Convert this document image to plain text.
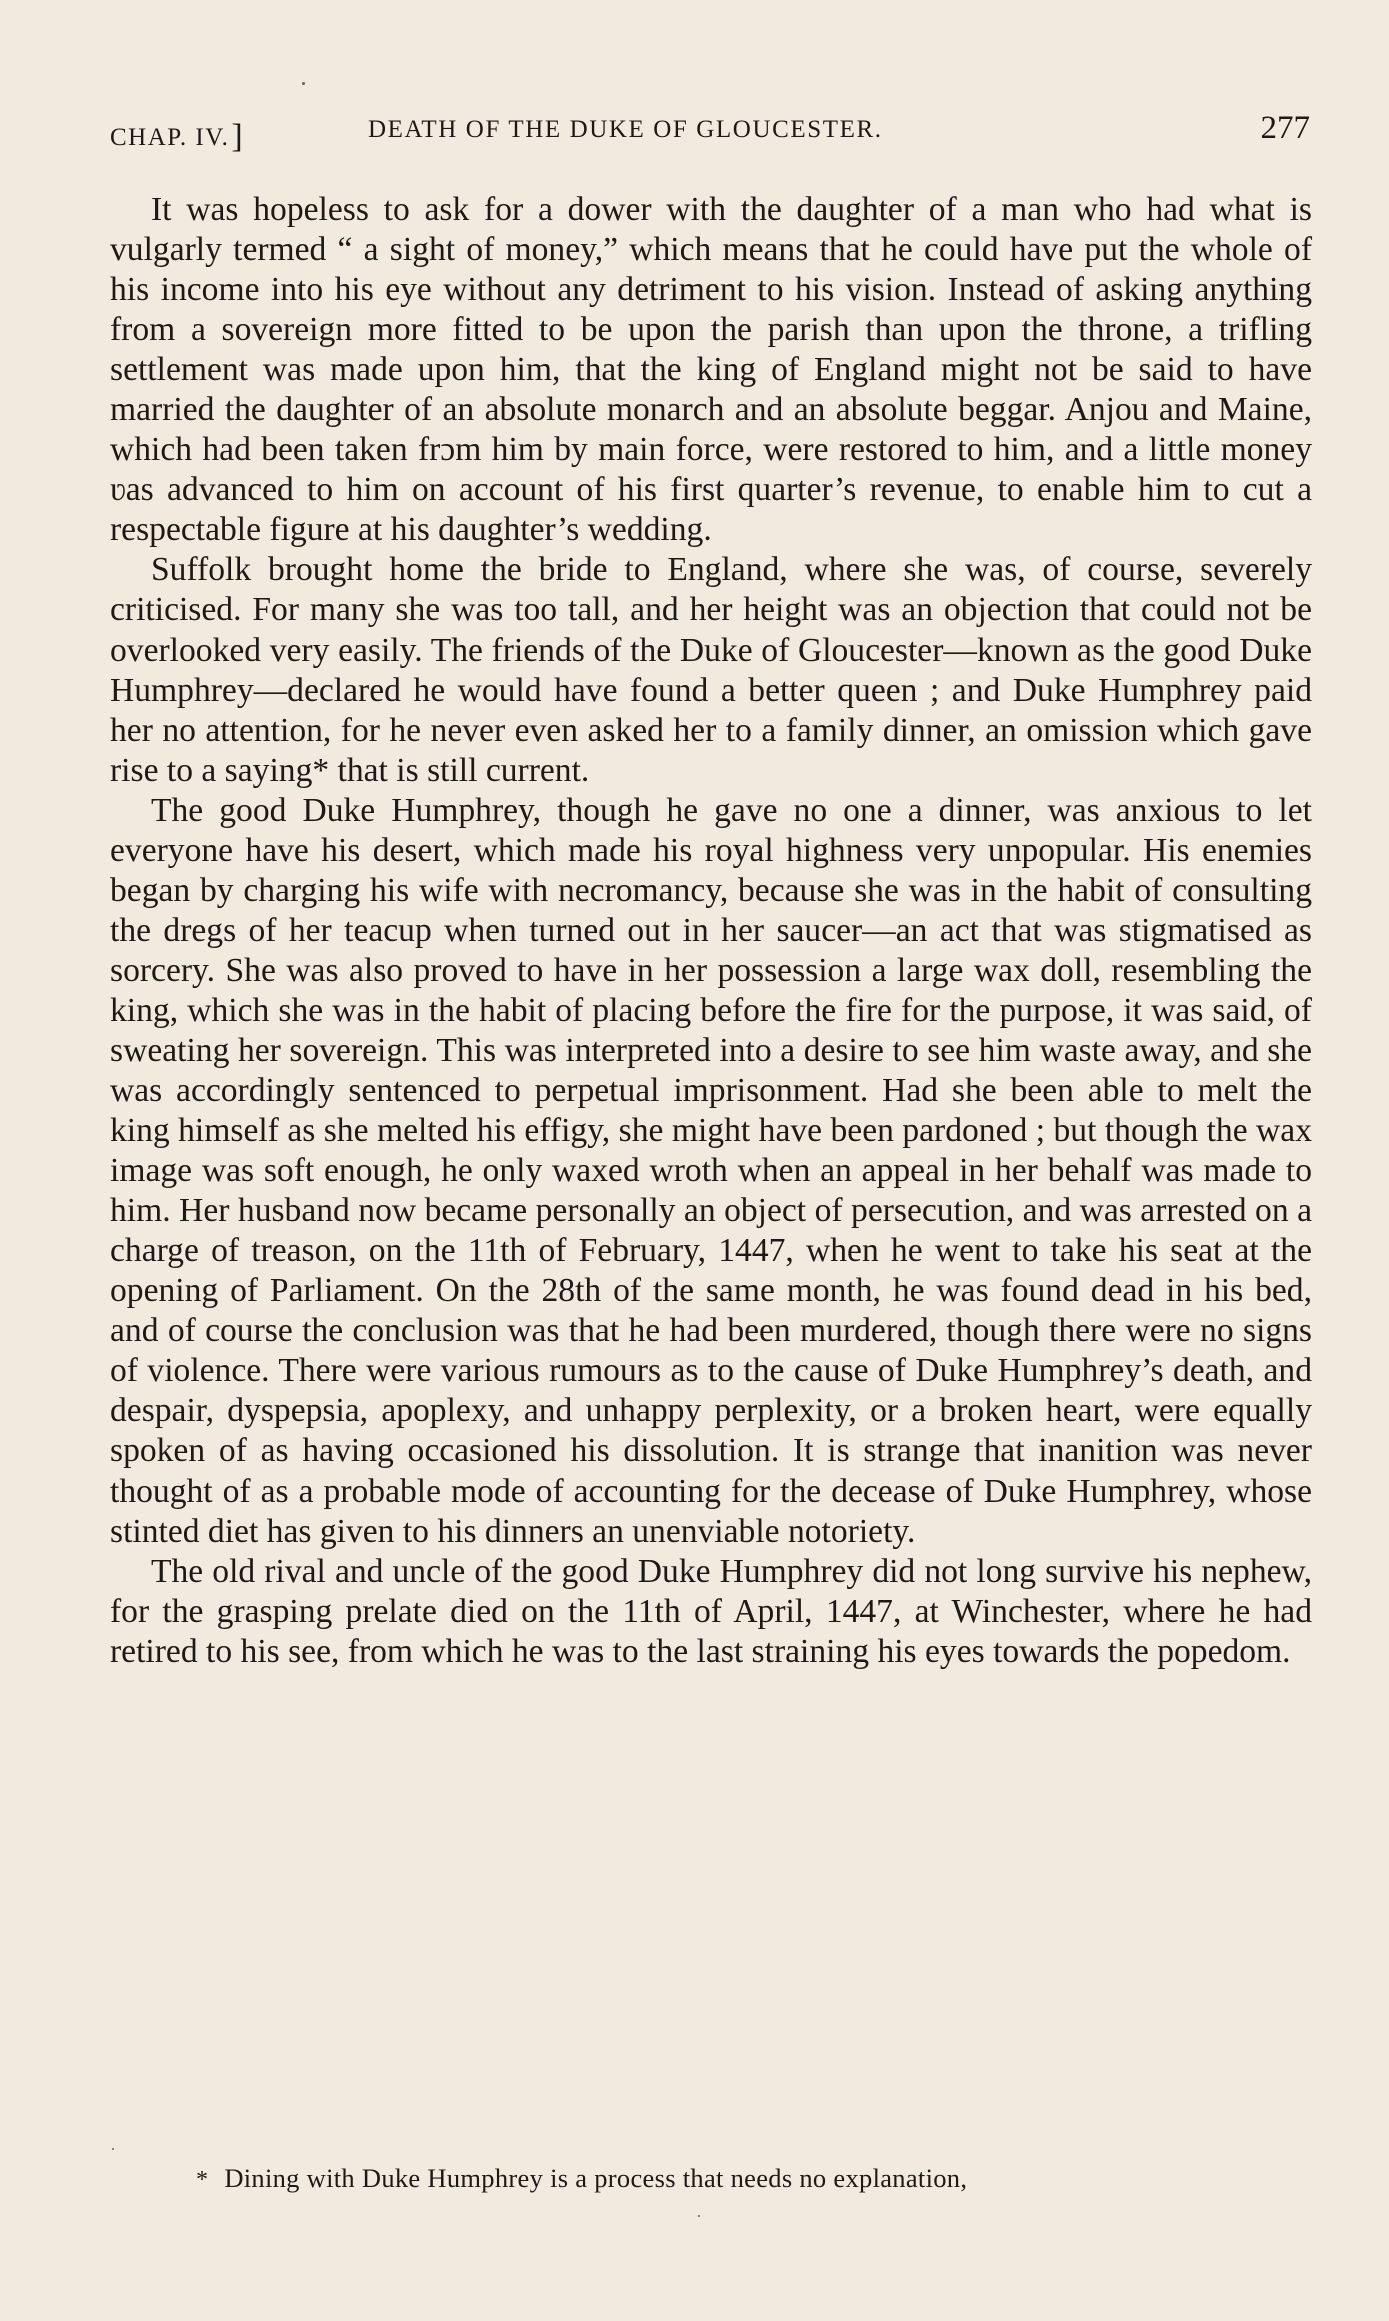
CHAP. IV.]	DEATH OF THE DUKE OF GLOUCESTER.	277

It was hopeless to ask for a dower with the daughter of a man who had what is vulgarly termed “ a sight of money,” which means that he could have put the whole of his income into his eye without any detriment to his vision. Instead of asking anything from a sovereign more fitted to be upon the parish than upon the throne, a trifling settlement was made upon him, that the king of England might not be said to have married the daughter of an absolute monarch and an absolute beggar. Anjou and Maine, which had been taken frɔm him by main force, were restored to him, and a little money ʋas advanced to him on account of his first quarter’s revenue, to enable him to cut a respectable figure at his daughter’s wedding.

Suffolk brought home the bride to England, where she was, of course, severely criticised. For many she was too tall, and her height was an objection that could not be overlooked very easily. The friends of the Duke of Gloucester—known as the good Duke Humphrey—declared he would have found a better queen ; and Duke Humphrey paid her no attention, for he never even asked her to a family dinner, an omission which gave rise to a saying* that is still current.

The good Duke Humphrey, though he gave no one a dinner, was anxious to let everyone have his desert, which made his royal highness very unpopular. His enemies began by charging his wife with necromancy, because she was in the habit of consulting the dregs of her teacup when turned out in her saucer—an act that was stigmatised as sorcery. She was also proved to have in her possession a large wax doll, resembling the king, which she was in the habit of placing before the fire for the purpose, it was said, of sweating her sovereign. This was interpreted into a desire to see him waste away, and she was accordingly sentenced to perpetual imprisonment. Had she been able to melt the king himself as she melted his effigy, she might have been pardoned ; but though the wax image was soft enough, he only waxed wroth when an appeal in her behalf was made to him. Her husband now became personally an object of persecution, and was arrested on a charge of treason, on the 11th of February, 1447, when he went to take his seat at the opening of Parliament. On the 28th of the same month, he was found dead in his bed, and of course the conclusion was that he had been murdered, though there were no signs of violence. There were various rumours as to the cause of Duke Humphrey’s death, and despair, dyspepsia, apoplexy, and unhappy perplexity, or a broken heart, were equally spoken of as having occasioned his dissolution. It is strange that inanition was never thought of as a probable mode of accounting for the decease of Duke Humphrey, whose stinted diet has given to his dinners an unenviable notoriety.

The old rival and uncle of the good Duke Humphrey did not long survive his nephew, for the grasping prelate died on the 11th of April, 1447, at Winchester, where he had retired to his see, from which he was to the last straining his eyes towards the popedom.

* Dining with Duke Humphrey is a process that needs no explanation,
